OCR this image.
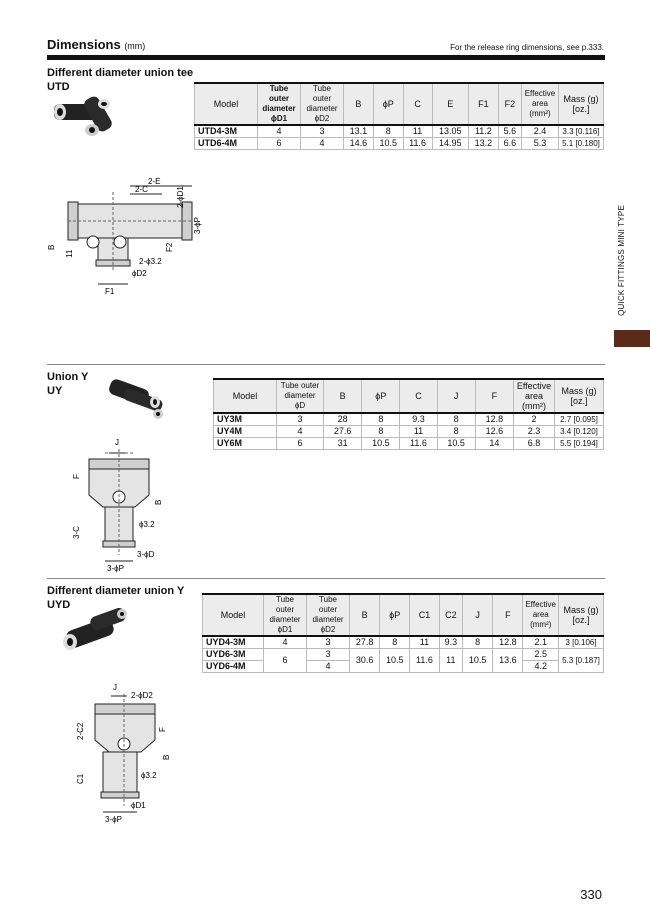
Dimensions (mm)	For the release ring dimensions, see p.333.
QUICK FITTINGS MINI TYPE
Different diameter union tee
UTD
Model	Tube outer diameter ϕD1	Tube outer diameter ϕD2	B	ϕP	C	E	F1	F2	Effective area (mm²)	Mass (g) [oz.]
UTD4-3M	4	3	13.1	8	11	13.05	11.2	5.6	2.4	3.3 [0.116]
UTD6-4M	6	4	14.6	10.5	11.6	14.95	13.2	6.6	5.3	5.1 [0.180]
2-E
2-C	2-ϕD1
3-ϕP
B
11
F2
2-ϕ3.2
ϕD2
F1
Union Y
UY	Model	Tube outer diameter ϕD	B	ϕP	C	J	F	Effective area (mm²)	Mass (g) [oz.]
UY3M	3	28	8	9.3	8	12.8	2	2.7 [0.095]
UY4M	4	27.6	8	11	8	12.6	2.3	3.4 [0.120]
UY6M	6	31	10.5	11.6	10.5	14	6.8	5.5 [0.194]
J
F
B
3-C
ϕ3.2
3-ϕD
3-ϕP
Different diameter union Y
UYD
Model	Tube outer diameter ϕD1	Tube outer diameter ϕD2	B	ϕP	C1	C2	J	F	Effective area (mm²)	Mass (g) [oz.]
UYD4-3M	4	3	27.8	8	11	9.3	8	12.8	2.1	3 [0.106]
UYD6-3M	6	3	30.6	10.5	11.6	11	10.5	13.6	2.5	5.3 [0.187]
UYD6-4M		4							4.2	
J
2-ϕD2
2-C2	F
B
C1	ϕ3.2
ϕD1
3-ϕP
330
